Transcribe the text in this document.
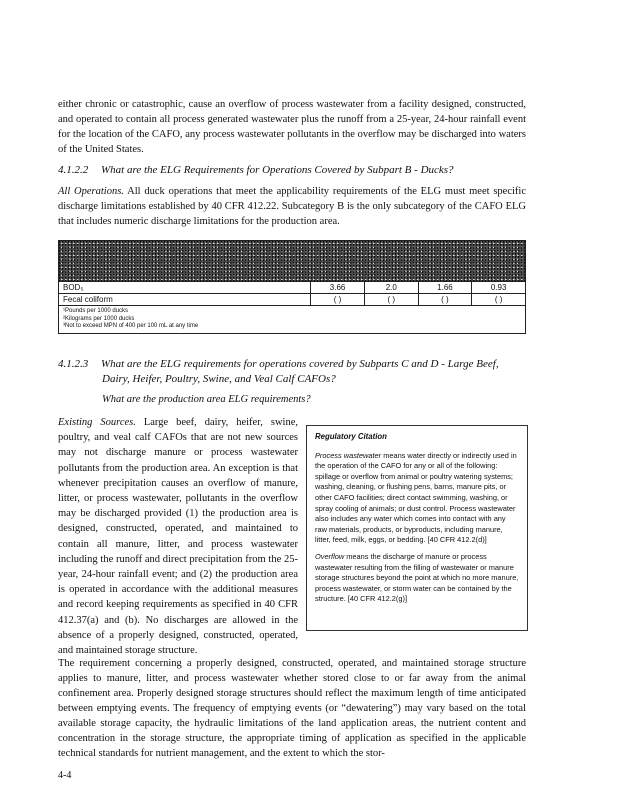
either chronic or catastrophic, cause an overflow of process wastewater from a facility designed, constructed, and operated to contain all process generated wastewater plus the runoff from a 25-year, 24-hour rainfall event for the location of the CAFO, any process wastewater pollutants in the overflow may be discharged into waters of the United States.

4.1.2.2 What are the ELG Requirements for Operations Covered by Subpart B - Ducks?

All Operations. All duck operations that meet the applicability requirements of the ELG must meet specific discharge limitations established by 40 CFR 412.22. Subcategory B is the only subcategory of the CAFO ELG that includes numeric discharge limitations for the production area.

BOD₅	3.66	2.0	1.66	0.93
Fecal coliform	( )	( )	( )	( )

¹Pounds per 1000 ducks
²Kilograms per 1000 ducks
³Not to exceed MPN of 400 per 100 mL at any time				

4.1.2.3 What are the ELG requirements for operations covered by Subparts C and D - Large Beef,
Dairy, Heifer, Poultry, Swine, and Veal Calf CAFOs?

What are the production area ELG requirements?

Existing Sources. Large beef, dairy, heifer, swine, poultry, and veal calf CAFOs that are not new sources may not discharge manure or process wastewater pollutants from the production area. An exception is that whenever precipitation causes an overflow of manure, litter, or process wastewater, pollutants in the overflow may be discharged provided (1) the production area is designed, constructed, operated, and maintained to contain all manure, litter, and process wastewater including the runoff and direct precipitation from the 25-year, 24-hour rainfall event; and (2) the production area is operated in accordance with the additional measures and record keeping requirements as specified in 40 CFR 412.37(a) and (b). No discharges are allowed in the absence of a properly designed, constructed, operated, and maintained storage structure.

Regulatory Citation

Process wastewater means water directly or indirectly used in the operation of the CAFO for any or all of the following: spillage or overflow from animal or poultry watering systems; washing, cleaning, or flushing pens, barns, manure pits, or other CAFO facilities; direct contact swimming, washing, or spray cooling of animals; or dust control. Process wastewater also includes any water which comes into contact with any raw materials, products, or byproducts, including manure, litter, feed, milk, eggs, or bedding. [40 CFR 412.2(d)]

Overflow means the discharge of manure or process wastewater resulting from the filling of wastewater or manure storage structures beyond the point at which no more manure, process wastewater, or storm water can be contained by the structure. [40 CFR 412.2(g)]

The requirement concerning a properly designed, constructed, operated, and maintained storage structure applies to manure, litter, and process wastewater whether stored close to or far away from the animal confinement area. Properly designed storage structures should reflect the maximum length of time anticipated between emptying events. The frequency of emptying events (or “dewatering”) may vary based on the total available storage capacity, the hydraulic limitations of the land application areas, the nutrient content and concentration in the storage structure, the appropriate timing of application as specified in the applicable technical standards for nutrient management, and the extent to which the stor-

4-4
